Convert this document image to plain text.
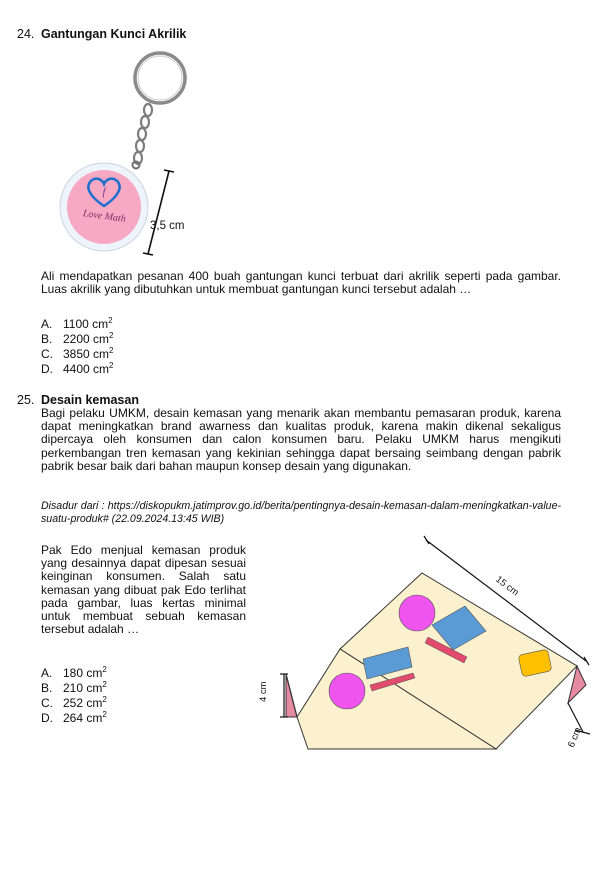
24. Gantungan Kunci Akrilik
f
Love Math
3,5 cm
Ali mendapatkan pesanan 400 buah gantungan kunci terbuat dari akrilik seperti pada gambar. Luas akrilik yang dibutuhkan untuk membuat gantungan kunci tersebut adalah …
A. 1100 $cm^2$
B. 2200 $cm^2$
C. 3850 $cm^2$
D. 4400 $cm^2$
25. Desain kemasan
Bagi pelaku UMKM, desain kemasan yang menarik akan membantu pemasaran produk, karena dapat meningkatkan brand awarness dan kualitas produk, karena makin dikenal sekaligus dipercaya oleh konsumen dan calon konsumen baru. Pelaku UMKM harus mengikuti perkembangan tren kemasan yang kekinian sehingga dapat bersaing seimbang dengan pabrik pabrik besar baik dari bahan maupun konsep desain yang digunakan.
Disadur dari : https://diskopukm.jatimprov.go.id/berita/pentingnya-desain-kemasan-dalam-meningkatkan-value-suatu-produk# (22.09.2024.13:45 WIB)
Pak Edo menjual kemasan produk yang desainnya dapat dipesan sesuai keinginan konsumen. Salah satu kemasan yang dibuat pak Edo terlihat pada gambar, luas kertas minimal untuk membuat sebuah kemasan tersebut adalah …
A. 180 $cm^2$
B. 210 $cm^2$
C. 252 $cm^2$
D. 264 $cm^2$
15 cm
4 cm
6 cm
